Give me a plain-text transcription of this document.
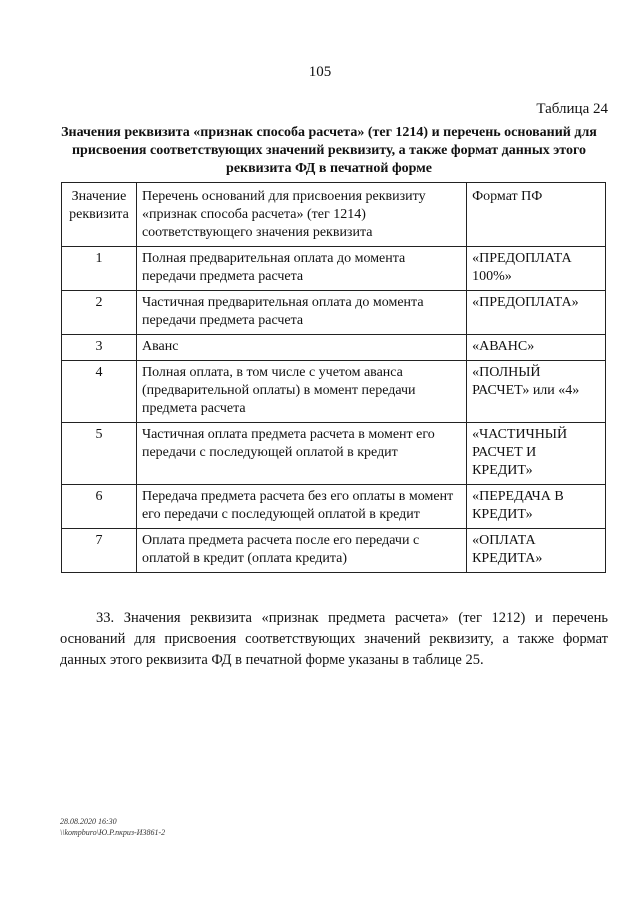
105
Таблица 24
Значения реквизита «признак способа расчета» (тег 1214) и перечень оснований для присвоения соответствующих значений реквизиту, а также формат данных этого реквизита ФД в печатной форме
Значение реквизита	Перечень оснований для присвоения реквизиту «признак способа расчета» (тег 1214) соответствующего значения реквизита	Формат ПФ
1	Полная предварительная оплата до момента передачи предмета расчета	«ПРЕДОПЛАТА 100%»
2	Частичная предварительная оплата до момента передачи предмета расчета	«ПРЕДОПЛАТА»
3	Аванс	«АВАНС»
4	Полная оплата, в том числе с учетом аванса (предварительной оплаты) в момент передачи предмета расчета	«ПОЛНЫЙ РАСЧЕТ» или «4»
5	Частичная оплата предмета расчета в момент его передачи с последующей оплатой в кредит	«ЧАСТИЧНЫЙ РАСЧЕТ И КРЕДИТ»
6	Передача предмета расчета без его оплаты в момент его передачи с последующей оплатой в кредит	«ПЕРЕДАЧА В КРЕДИТ»
7	Оплата предмета расчета после его передачи с оплатой в кредит (оплата кредита)	«ОПЛАТА КРЕДИТА»
33. Значения реквизита «признак предмета расчета» (тег 1212) и перечень оснований для присвоения соответствующих значений реквизиту, а также формат данных этого реквизита ФД в печатной форме указаны в таблице 25.
28.08.2020 16:30
\\kompburo\Ю.Р.пкриз-И3861-2
